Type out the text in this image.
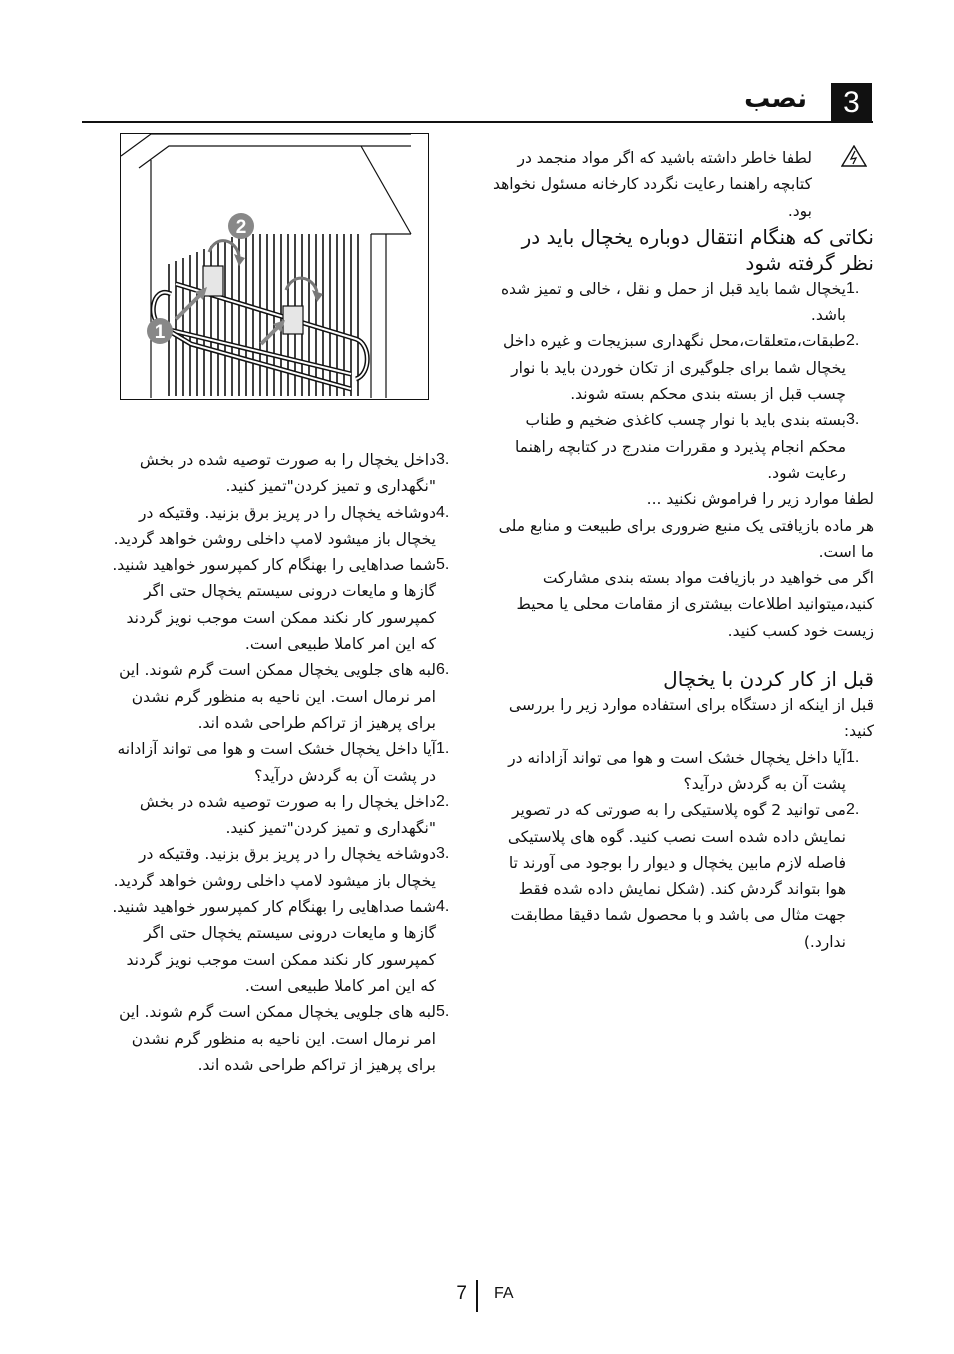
نصب	3
2
1

لطفا خاطر داشته باشید که اگر مواد منجمد در کتابچه راهنما رعایت نگردد کارخانه مسئول نخواهد بود.

نکاتی که هنگام انتقال دوباره یخچال باید در نظر گرفته شود

1.
یخچال شما باید قبل از حمل و نقل ، خالی و تمیز شده باشد.
2.
طبقات،متعلقات،محل نگهداری سبزیجات و غیره داخل یخچال شما برای جلوگیری از تکان خوردن باید با نوار چسب قبل از بسته بندی محکم بسته شوند.
3.
بسته بندی باید با نوار چسب کاغذی ضخیم و طناب محکم انجام پذیرد و مقررات مندرج در کتابچه راهنما رعایت شود.

لطفا موارد زیر را فراموش نکنید ...

هر ماده بازیافتی یک منبع ضروری برای طبیعت و منابع ملی ما است.

اگر می خواهید در بازیافت مواد بسته بندی مشارکت کنید،میتوانید اطلاعات بیشتری از مقامات محلی یا محیط زیست خود کسب کنید.

قبل از کار کردن با یخچال

قبل از اینکه از دستگاه برای استفاده موارد زیر را بررسی کنید:

1.
آیا داخل یخچال خشک است و هوا می تواند آزادانه در پشت آن به گردش درآید؟
2.
می توانید 2 گوه پلاستیکی را به صورتی که در تصویر نمایش داده شده است نصب کنید. گوه های پلاستیکی فاصله لازم مابین یخچال و دیوار را بوجود می آورند تا هوا بتواند گردش کند. (شکل نمایش داده شده فقط جهت مثال می باشد و با محصول شما دقیقا مطابقت ندارد.)
3.
داخل یخچال را به صورت توصیه شده در بخش "نگهداری و تمیز کردن"تمیز کنید.
4.
دوشاخه یخچال را در پریز برق بزنید. وقتیکه در یخچال باز میشود لامپ داخلی روشن خواهد گردید.
5.
شما صداهایی را بهنگام کار کمپرسور خواهید شنید. گازها و مایعات درونی سیستم یخچال حتی اگر کمپرسور کار نکند ممکن است موجب نویز گردند که این امر کاملا طبیعی است.
6.
لبه های جلویی یخچال ممکن است گرم شوند. این امر نرمال است. این ناحیه به منظور گرم نشدن برای پرهیز از تراکم طراحی شده اند.
1.
آیا داخل یخچال خشک است و هوا می تواند آزادانه در پشت آن به گردش درآید؟
2.
داخل یخچال را به صورت توصیه شده در بخش "نگهداری و تمیز کردن"تمیز کنید.
3.
دوشاخه یخچال را در پریز برق بزنید. وقتیکه در یخچال باز میشود لامپ داخلی روشن خواهد گردید.
4.
شما صداهایی را بهنگام کار کمپرسور خواهید شنید. گازها و مایعات درونی سیستم یخچال حتی اگر کمپرسور کار نکند ممکن است موجب نویز گردند که این امر کاملا طبیعی است.
5.
لبه های جلویی یخچال ممکن است گرم شوند. این امر نرمال است. این ناحیه به منظور گرم نشدن برای پرهیز از تراکم طراحی شده اند.
7 FA
